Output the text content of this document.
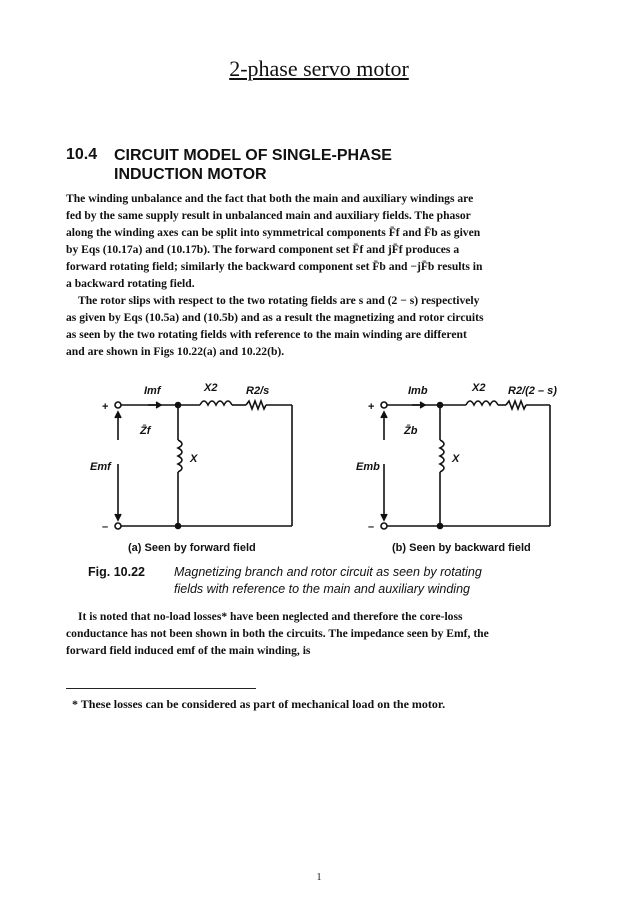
2-phase servo motor
10.4 CIRCUIT MODEL OF SINGLE-PHASE
INDUCTION MOTOR
The winding unbalance and the fact that both the main and auxiliary windings are
fed by the same supply result in unbalanced main and auxiliary fields. The phasor
along the winding axes can be split into symmetrical components F̄f and F̄b as given
by Eqs (10.17a) and (10.17b). The forward component set F̄f and jF̄f produces a
forward rotating field; similarly the backward component set F̄b and −jF̄b results in
a backward rotating field.
The rotor slips with respect to the two rotating fields are s and (2 − s) respectively
as given by Eqs (10.5a) and (10.5b) and as a result the magnetizing and rotor circuits
as seen by the two rotating fields with reference to the main winding are different
and are shown in Figs 10.22(a) and 10.22(b).
+
–
Imf	X2	R2/s
Z̄f
Emf
X
+
–
Imb	X2 R2/(2 – s)
Z̄b
Emb
X
(a) Seen by forward field	(b) Seen by backward field
Fig. 10.22 Magnetizing branch and rotor circuit as seen by rotating
fields with reference to the main and auxiliary winding
It is noted that no-load losses* have been neglected and therefore the core-loss
conductance has not been shown in both the circuits. The impedance seen by Emf, the
forward field induced emf of the main winding, is
* These losses can be considered as part of mechanical load on the motor.
1
